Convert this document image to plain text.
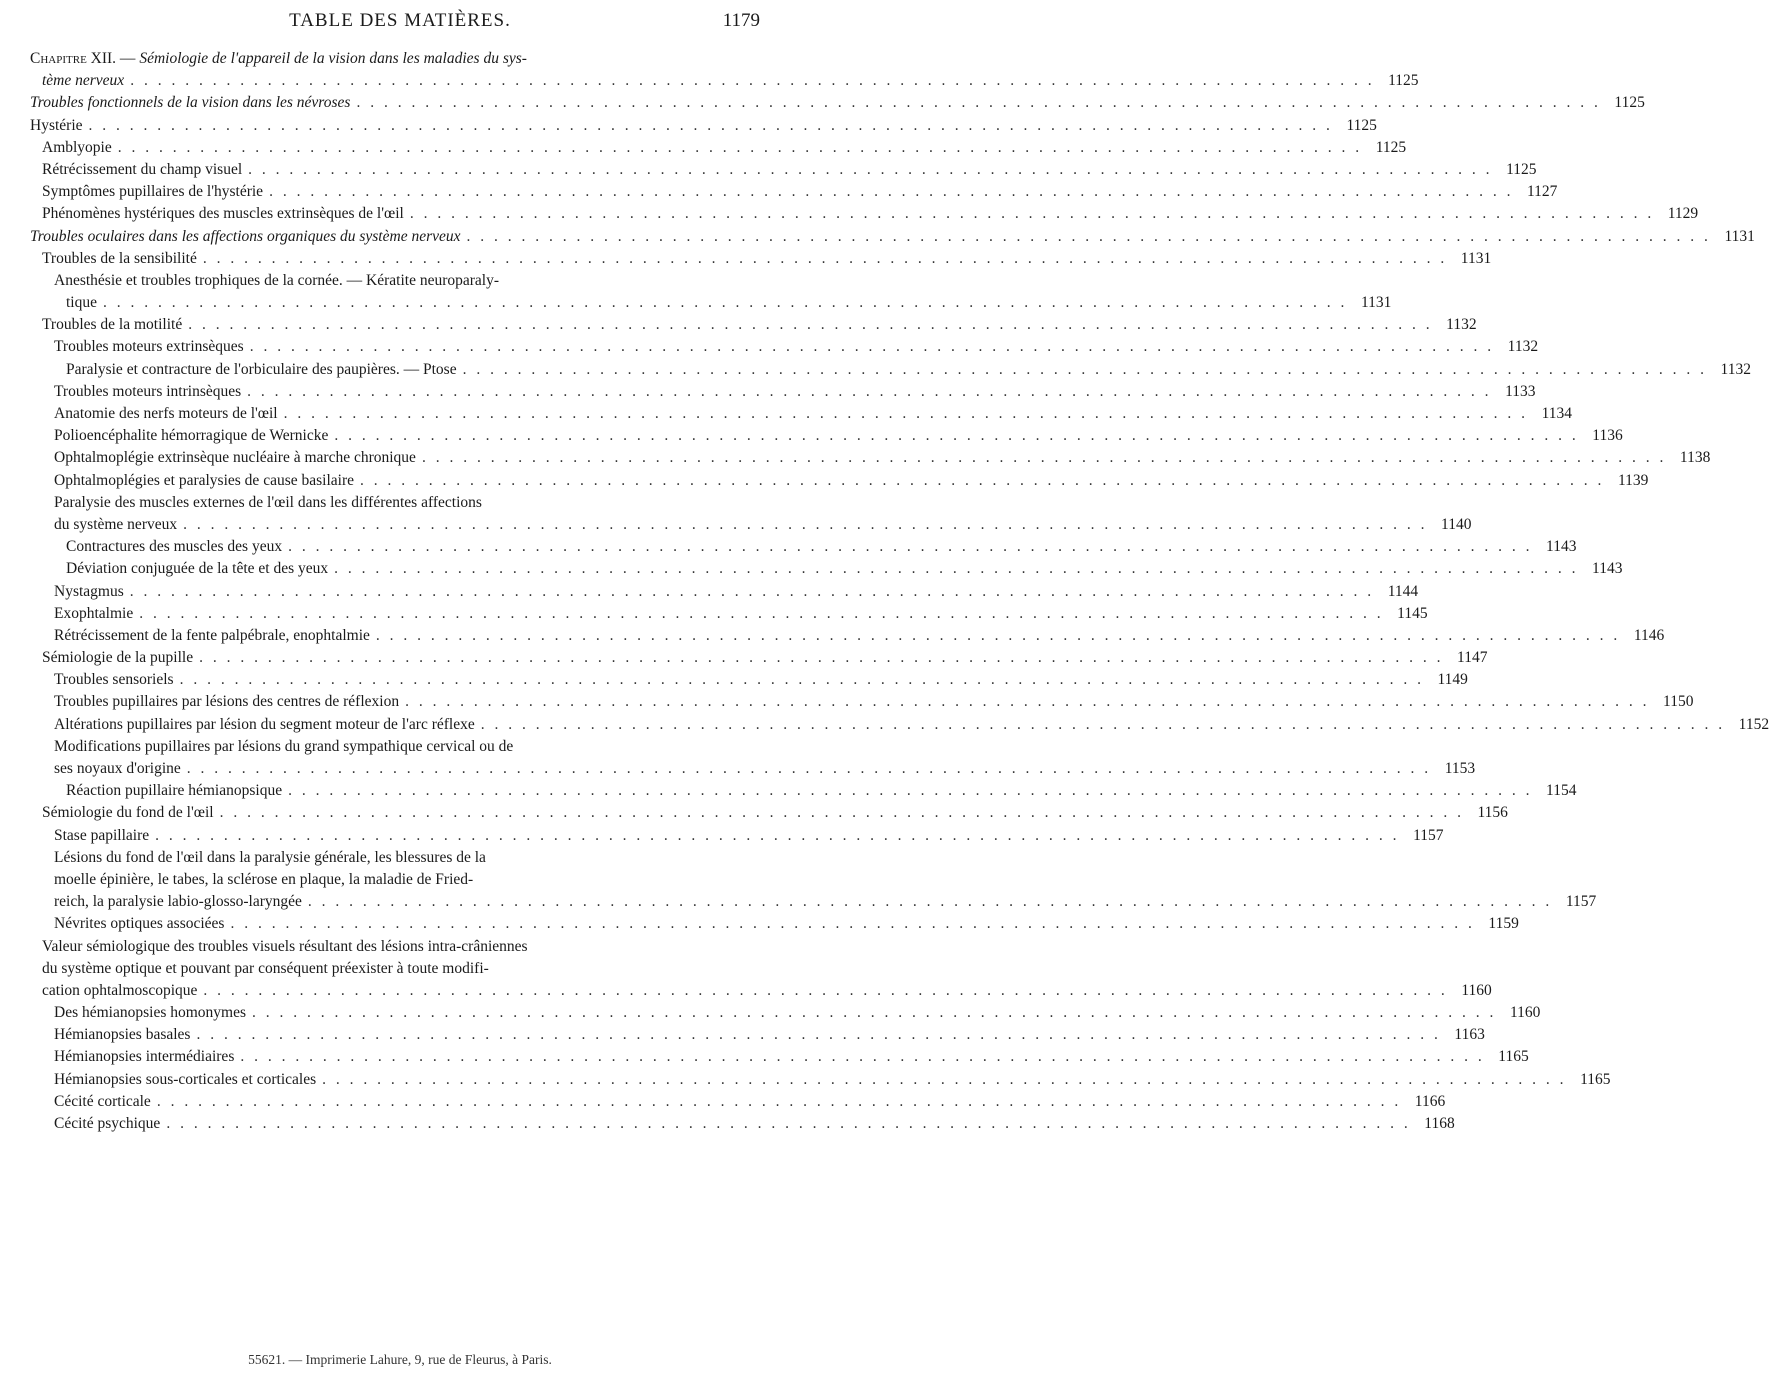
TABLE DES MATIÈRES.	1179
Chapitre XII. — Sémiologie de l'appareil de la vision dans les maladies du sys-
tème nerveux . . .	1125
Troubles fonctionnels de la vision dans les névroses . . .	1125
Hystérie . . .	1125
Amblyopie . . .	1125
Rétrécissement du champ visuel . . .	1125
Symptômes pupillaires de l'hystérie . . .	1127
Phénomènes hystériques des muscles extrinsèques de l'œil . . .	1129
Troubles oculaires dans les affections organiques du système nerveux . . .	1131
Troubles de la sensibilité . . .	1131
Anesthésie et troubles trophiques de la cornée. — Kératite neuroparaly-
tique . . .	1131
Troubles de la motilité . . .	1132
Troubles moteurs extrinsèques . . .	1132
Paralysie et contracture de l'orbiculaire des paupières. — Ptose . . .	1132
Troubles moteurs intrinsèques . . .	1133
Anatomie des nerfs moteurs de l'œil . . .	1134
Polioencéphalite hémorragique de Wernicke . . .	1136
Ophtalmoplégie extrinsèque nucléaire à marche chronique . . .	1138
Ophtalmoplégies et paralysies de cause basilaire . . .	1139
Paralysie des muscles externes de l'œil dans les différentes affections
du système nerveux . . .	1140
Contractures des muscles des yeux . . .	1143
Déviation conjuguée de la tête et des yeux . . .	1143
Nystagmus . . .	1144
Exophtalmie . . .	1145
Rétrécissement de la fente palpébrale, enophtalmie . . .	1146
Sémiologie de la pupille . . .	1147
Troubles sensoriels . . .	1149
Troubles pupillaires par lésions des centres de réflexion . . .	1150
Altérations pupillaires par lésion du segment moteur de l'arc réflexe . . .	1152
Modifications pupillaires par lésions du grand sympathique cervical ou de
ses noyaux d'origine . . .	1153
Réaction pupillaire hémianopsique . . .	1154
Sémiologie du fond de l'œil . . .	1156
Stase papillaire . . .	1157
Lésions du fond de l'œil dans la paralysie générale, les blessures de la
moelle épinière, le tabes, la sclérose en plaque, la maladie de Fried-
reich, la paralysie labio-glosso-laryngée . . .	1157
Névrites optiques associées . . .	1159
Valeur sémiologique des troubles visuels résultant des lésions intra-crâniennes
du système optique et pouvant par conséquent préexister à toute modifi-
cation ophtalmoscopique . . .	1160
Des hémianopsies homonymes . . .	1160
Hémianopsies basales . . .	1163
Hémianopsies intermédiaires . . .	1165
Hémianopsies sous-corticales et corticales . . .	1165
Cécité corticale . . .	1166
Cécité psychique . . .	1168
55621. — Imprimerie Lahure, 9, rue de Fleurus, à Paris.
